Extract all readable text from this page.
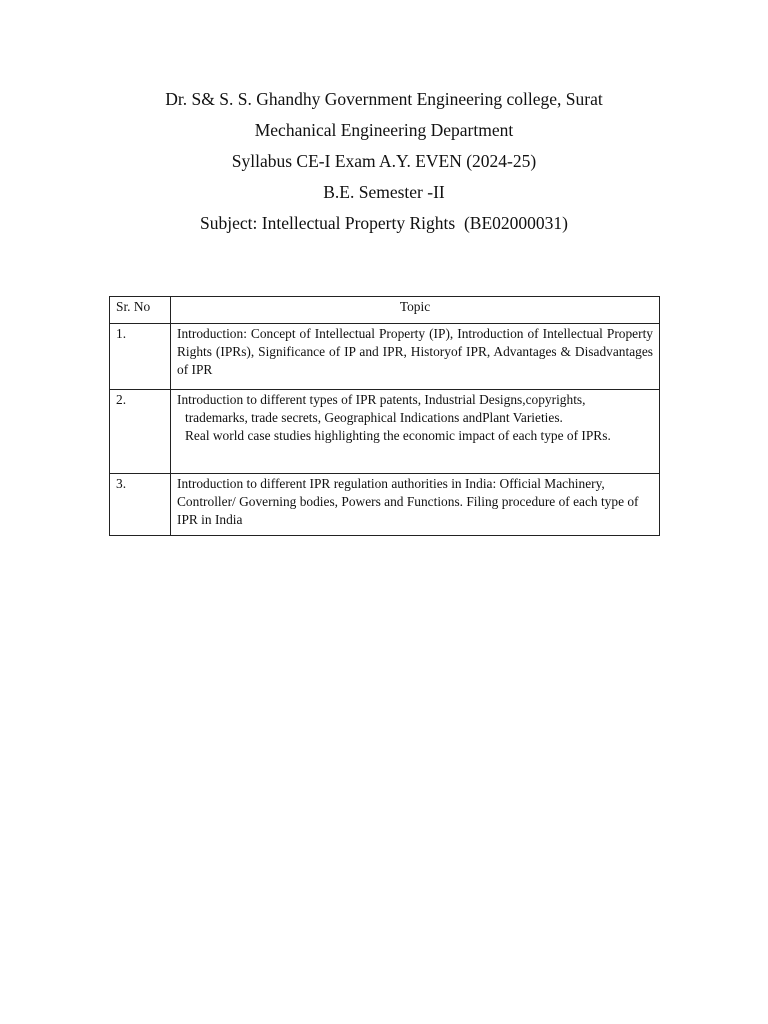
Dr. S& S. S. Ghandhy Government Engineering college, Surat
Mechanical Engineering Department
Syllabus CE-I Exam A.Y. EVEN (2024-25)
B.E. Semester -II
Subject: Intellectual Property Rights  (BE02000031)
Sr. No	Topic
1.	Introduction: Concept of Intellectual Property (IP), Introduction of Intellectual Property Rights (IPRs), Significance of IP and IPR, Historyof IPR, Advantages & Disadvantages of IPR
2.	Introduction to different types of IPR patents, Industrial Designs,copyrights,
trademarks, trade secrets, Geographical Indications andPlant Varieties.
Real world case studies highlighting the economic impact of each type of IPRs.

3.	Introduction to different IPR regulation authorities in India: Official Machinery, Controller/ Governing bodies, Powers and Functions. Filing procedure of each type of IPR in India
